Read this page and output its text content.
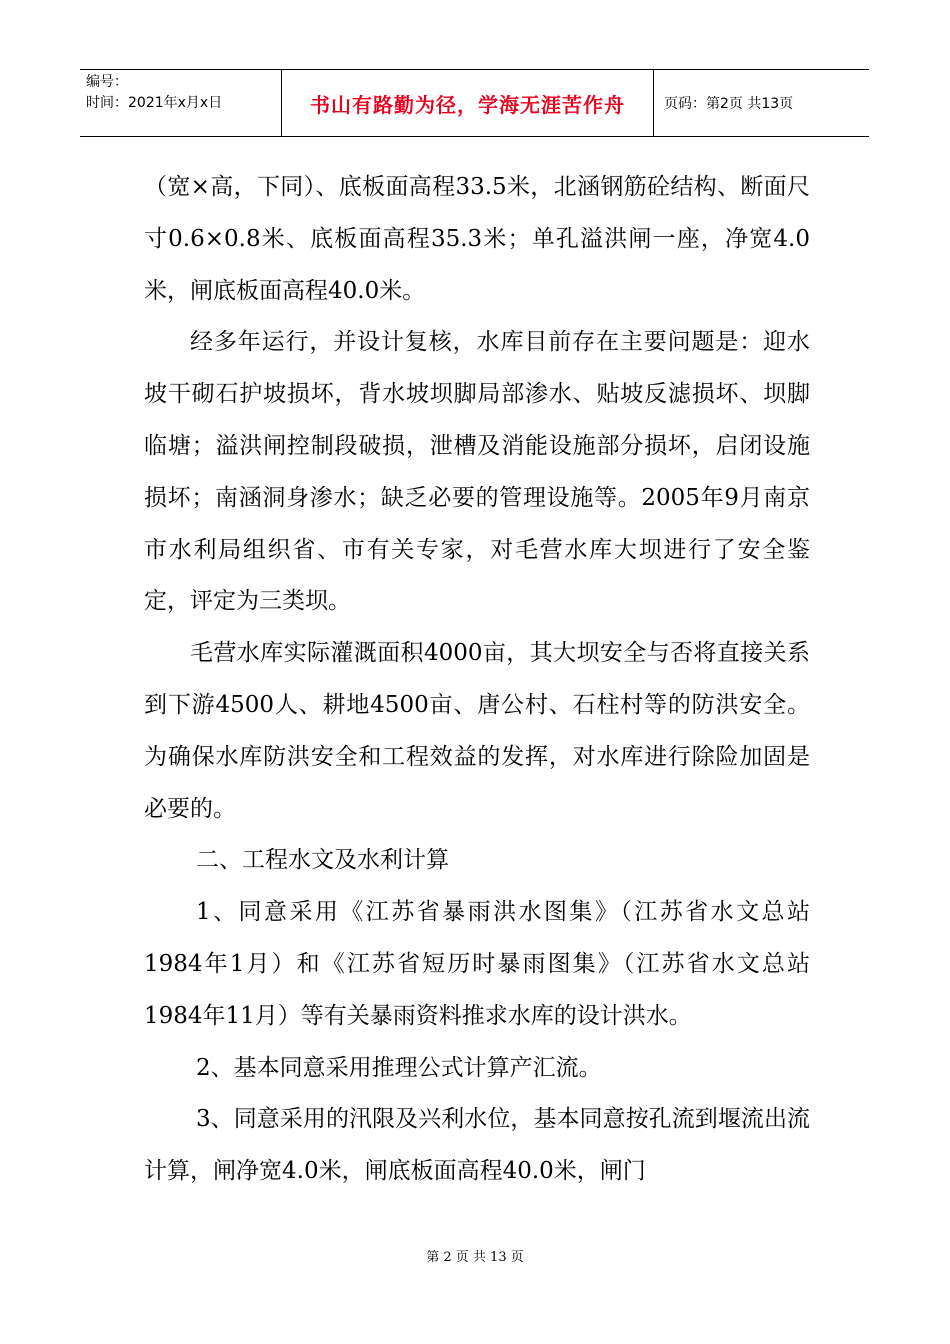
编号：
时间：2021年x月x日	书山有路勤为径，学海无涯苦作舟	页码：第2页 共13页

（宽×高，下同）、底板面高程33.5米，北涵钢筋砼结构、断面尺寸0.6×0.8米、底板面高程35.3米；单孔溢洪闸一座，净宽4.0米，闸底板面高程40.0米。

经多年运行，并设计复核，水库目前存在主要问题是：迎水坡干砌石护坡损坏，背水坡坝脚局部渗水、贴坡反滤损坏、坝脚临塘；溢洪闸控制段破损，泄槽及消能设施部分损坏，启闭设施损坏；南涵洞身渗水；缺乏必要的管理设施等。2005年9月南京市水利局组织省、市有关专家，对毛营水库大坝进行了安全鉴定，评定为三类坝。

毛营水库实际灌溉面积4000亩，其大坝安全与否将直接关系到下游4500人、耕地4500亩、唐公村、石柱村等的防洪安全。为确保水库防洪安全和工程效益的发挥，对水库进行除险加固是必要的。

二、工程水文及水利计算

1、同意采用《江苏省暴雨洪水图集》（江苏省水文总站 1984年1月）和《江苏省短历时暴雨图集》（江苏省水文总站 1984年11月）等有关暴雨资料推求水库的设计洪水。

2、基本同意采用推理公式计算产汇流。

3、同意采用的汛限及兴利水位，基本同意按孔流到堰流出流计算，闸净宽4.0米，闸底板面高程40.0米，闸门

第 2 页 共 13 页
